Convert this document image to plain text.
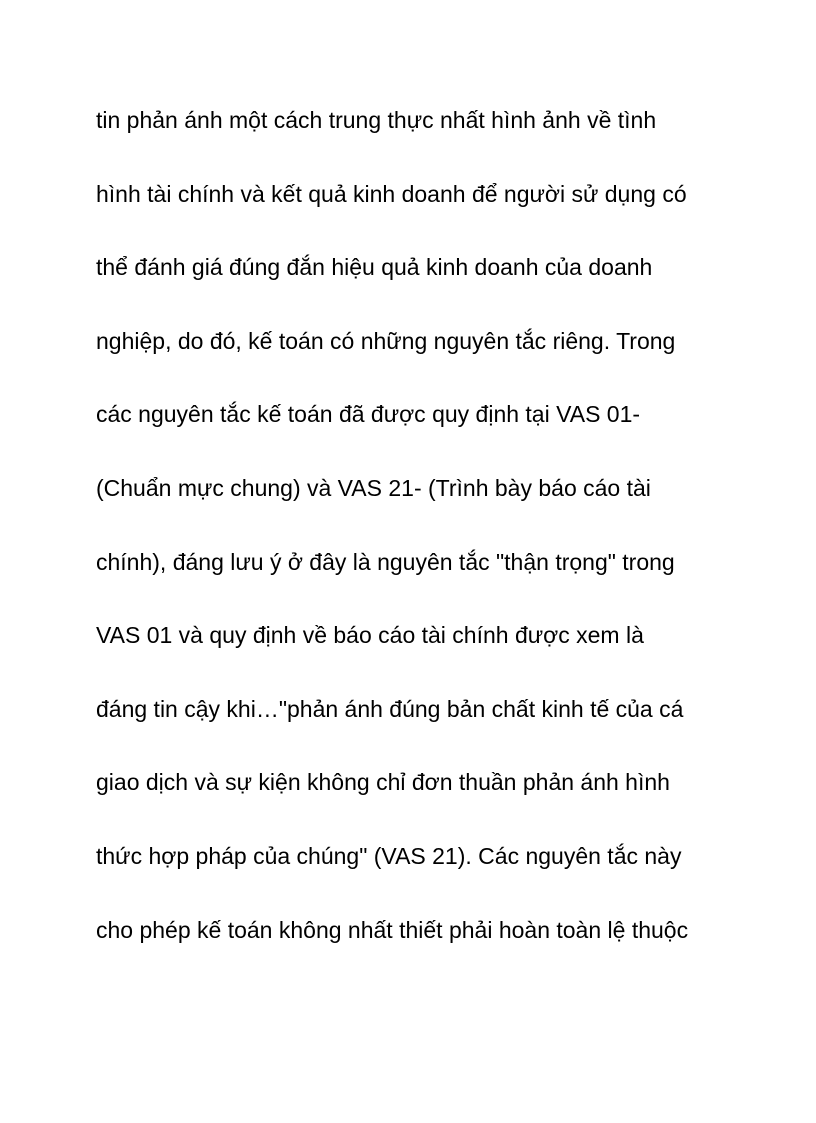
tin phản ánh một cách trung thực nhất hình ảnh về tình
hình tài chính và kết quả kinh doanh để người sử dụng có
thể đánh giá đúng đắn hiệu quả kinh doanh của doanh
nghiệp, do đó, kế toán có những nguyên tắc riêng. Trong
các nguyên tắc kế toán đã được quy định tại VAS 01-
(Chuẩn mực chung) và VAS 21- (Trình bày báo cáo tài
chính), đáng lưu ý ở đây là nguyên tắc "thận trọng" trong
VAS 01 và quy định về báo cáo tài chính được xem là
đáng tin cậy khi…"phản ánh đúng bản chất kinh tế của cá
giao dịch và sự kiện không chỉ đơn thuần phản ánh hình
thức hợp pháp của chúng" (VAS 21). Các nguyên tắc này
cho phép kế toán không nhất thiết phải hoàn toàn lệ thuộc
